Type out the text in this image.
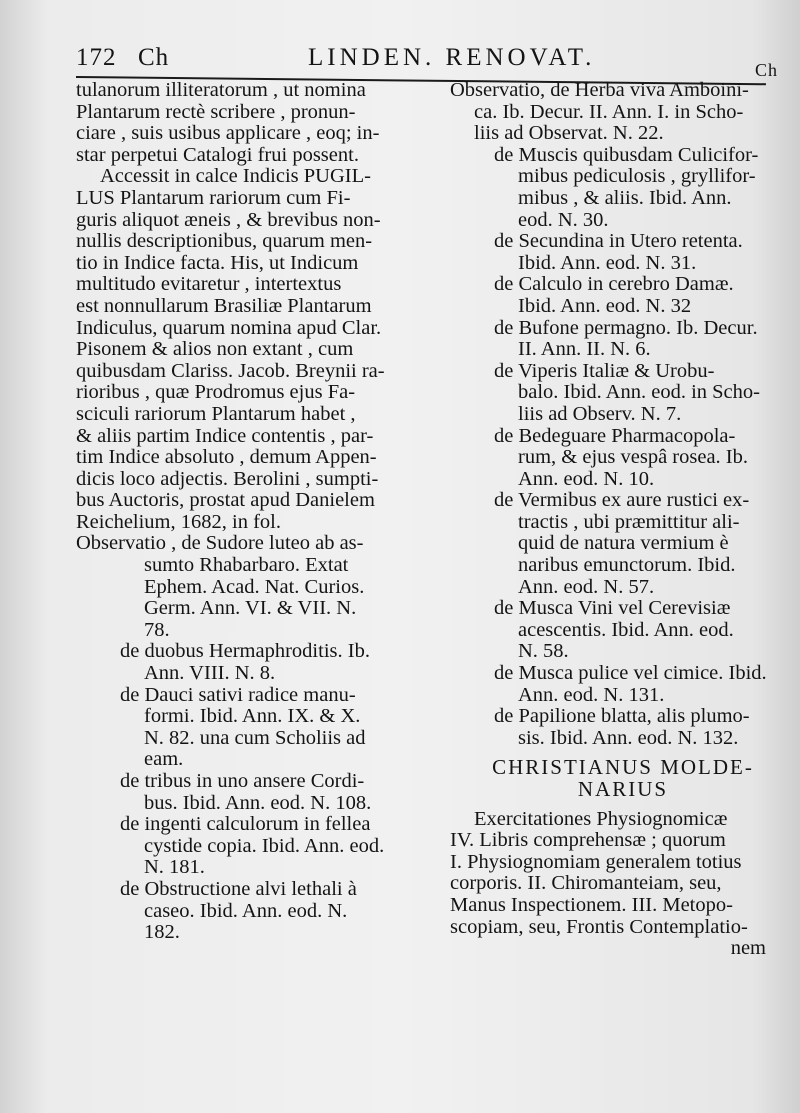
172 Ch	LINDEN. RENOVAT.	Ch
tulanorum illiteratorum , ut nomina
Plantarum rectè scribere , pronun-
ciare , suis usibus applicare , eoq; in-
star perpetui Catalogi frui possent.
Accessit in calce Indicis PUGIL-
LUS Plantarum rariorum cum Fi-
guris aliquot æneis , & brevibus non-
nullis descriptionibus, quarum men-
tio in Indice facta. His, ut Indicum
multitudo evitaretur , intertextus
est nonnullarum Brasiliæ Plantarum
Indiculus, quarum nomina apud Clar.
Pisonem & alios non extant , cum
quibusdam Clariss. Jacob. Breynii ra-
rioribus , quæ Prodromus ejus Fa-
sciculi rariorum Plantarum habet ,
& aliis partim Indice contentis , par-
tim Indice absoluto , demum Appen-
dicis loco adjectis. Berolini , sumpti-
bus Auctoris, prostat apud Danielem
Reichelium, 1682, in fol.
Observatio , de Sudore luteo ab as-
sumto Rhabarbaro. Extat
Ephem. Acad. Nat. Curios.
Germ. Ann. VI. & VII. N.
78.
de duobus Hermaphroditis. Ib.
Ann. VIII. N. 8.
de Dauci sativi radice manu-
formi. Ibid. Ann. IX. & X.
N. 82. una cum Scholiis ad
eam.
de tribus in uno ansere Cordi-
bus. Ibid. Ann. eod. N. 108.
de ingenti calculorum in fellea
cystide copia. Ibid. Ann. eod.
N. 181.
de Obstructione alvi lethali à
caseo. Ibid. Ann. eod. N.
182.
Observatio, de Herba viva Amboini-
ca. Ib. Decur. II. Ann. I. in Scho-
liis ad Observat. N. 22.
de Muscis quibusdam Culicifor-
mibus pediculosis , gryllifor-
mibus , & aliis. Ibid. Ann.
eod. N. 30.
de Secundina in Utero retenta.
Ibid. Ann. eod. N. 31.
de Calculo in cerebro Damæ.
Ibid. Ann. eod. N. 32
de Bufone permagno. Ib. Decur.
II. Ann. II. N. 6.
de Viperis Italiæ & Urobu-
balo. Ibid. Ann. eod. in Scho-
liis ad Observ. N. 7.
de Bedeguare Pharmacopola-
rum, & ejus vespâ rosea. Ib.
Ann. eod. N. 10.
de Vermibus ex aure rustici ex-
tractis , ubi præmittitur ali-
quid de natura vermium è
naribus emunctorum. Ibid.
Ann. eod. N. 57.
de Musca Vini vel Cerevisiæ
acescentis. Ibid. Ann. eod.
N. 58.
de Musca pulice vel cimice. Ibid.
Ann. eod. N. 131.
de Papilione blatta, alis plumo-
sis. Ibid. Ann. eod. N. 132.
CHRISTIANUS MOLDE-
NARIUS
Exercitationes Physiognomicæ
IV. Libris comprehensæ ; quorum
I. Physiognomiam generalem totius
corporis. II. Chiromanteiam, seu,
Manus Inspectionem. III. Metopo-
scopiam, seu, Frontis Contemplatio-
nem
